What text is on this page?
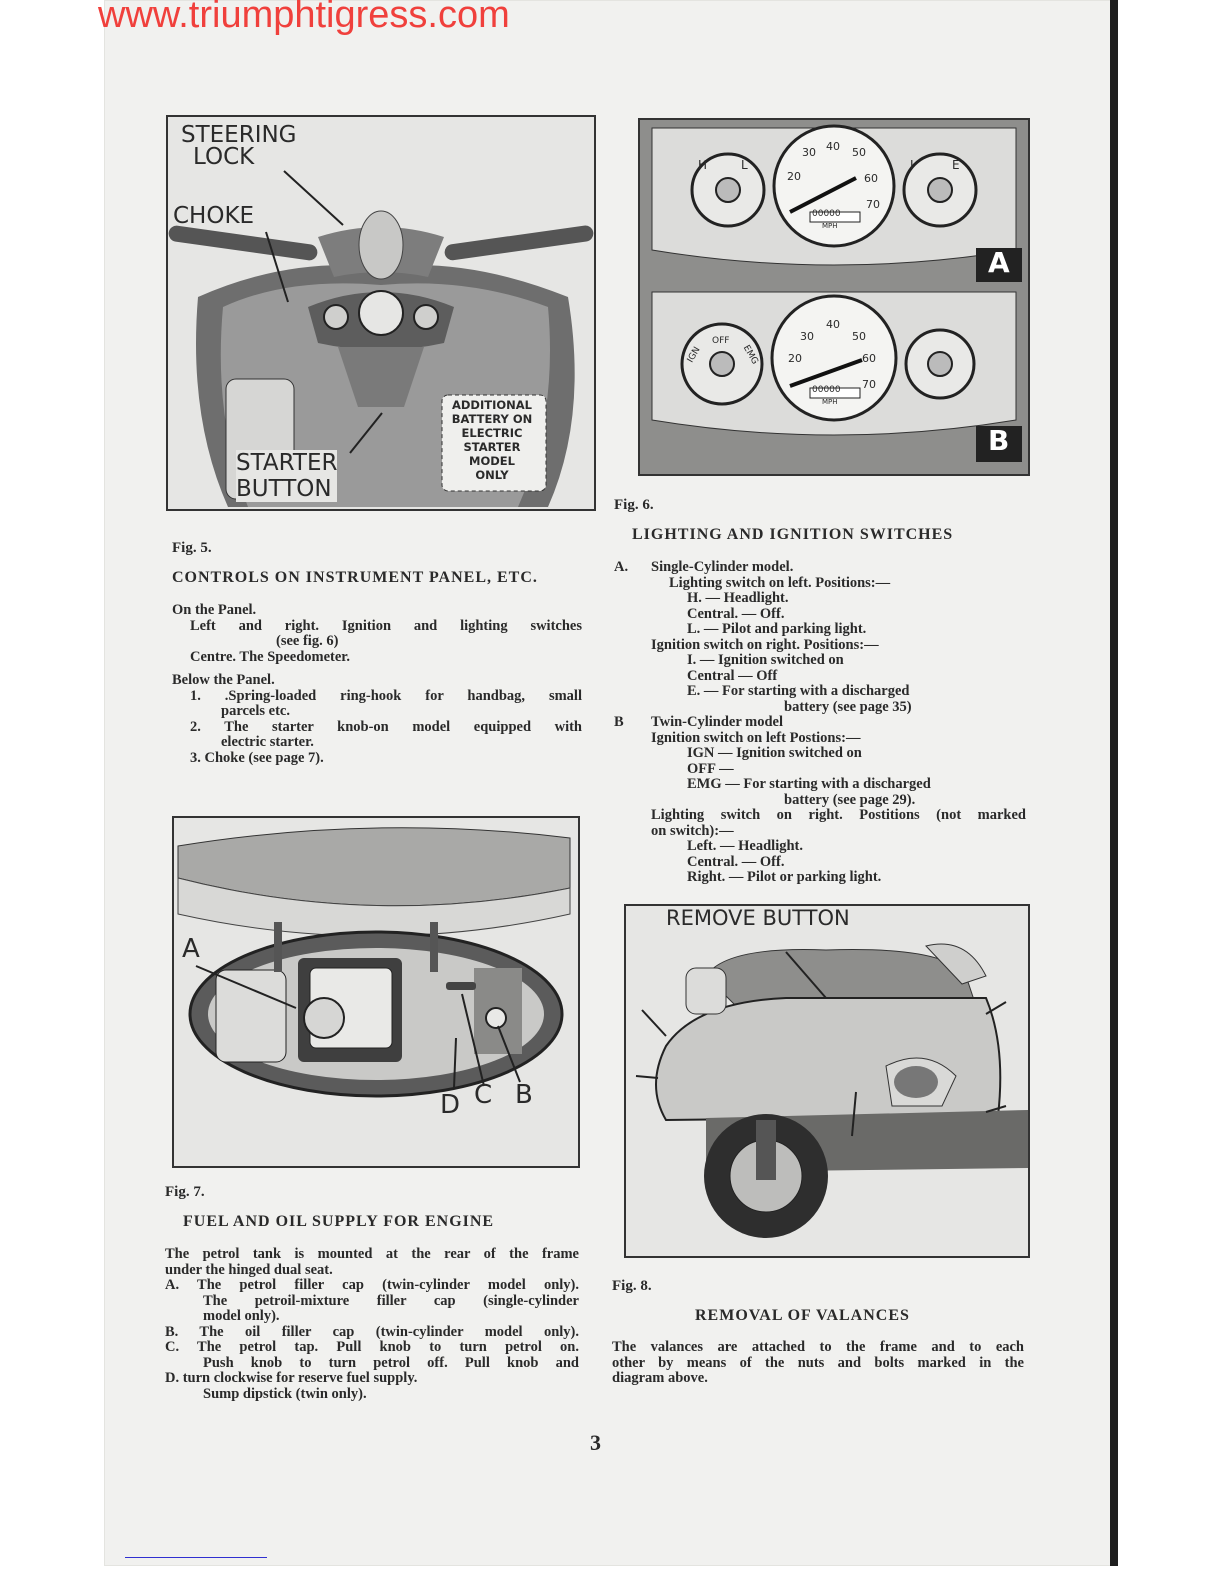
www.triumphtigress.com
STEERING
LOCK
CHOKE
STARTER
BUTTON
ADDITIONAL
BATTERY ON
ELECTRIC
STARTER
MODEL
ONLY
Fig. 5.
CONTROLS ON INSTRUMENT PANEL, ETC.
On the Panel.
Left and right. Ignition and lighting switches
(see fig. 6)
Centre. The Speedometer.
Below the Panel.
1. .Spring-loaded ring-hook for handbag, small
parcels etc.
2. The starter knob-on model equipped with
electric starter.
3. Choke (see page 7).
A
B
20
30 40 50
60
70
00000
MPH
H	L	I	E
20
30
40
50
60
70
00000
MPH
IGN
OFF
EMG
Fig. 6.
LIGHTING AND IGNITION SWITCHES
A. Single-Cylinder model.
Lighting switch on left. Positions:—
H. — Headlight.
Central. — Off.
L. — Pilot and parking light.
Ignition switch on right. Positions:—
I. — Ignition switched on
Central — Off
E. — For starting with a discharged
battery (see page 35)
B Twin-Cylinder model
Ignition switch on left Postions:—
IGN — Ignition switched on
OFF —
EMG — For starting with a discharged
battery (see page 29).
Lighting switch on right. Postitions (not marked
on switch):—
Left. — Headlight.
Central. — Off.
Right. — Pilot or parking light.
A
D C B
Fig. 7.
FUEL AND OIL SUPPLY FOR ENGINE
The petrol tank is mounted at the rear of the frame
under the hinged dual seat.
A. The petrol filler cap (twin-cylinder model only).
The petroil-mixture filler cap (single-cylinder
model only).
B. The oil filler cap (twin-cylinder model only).
C. The petrol tap. Pull knob to turn petrol on.
Push knob to turn petrol off. Pull knob and
D. turn clockwise for reserve fuel supply.
Sump dipstick (twin only).
REMOVE BUTTON
Fig. 8.
REMOVAL OF VALANCES
The valances are attached to the frame and to each
other by means of the nuts and bolts marked in the
diagram above.
3
